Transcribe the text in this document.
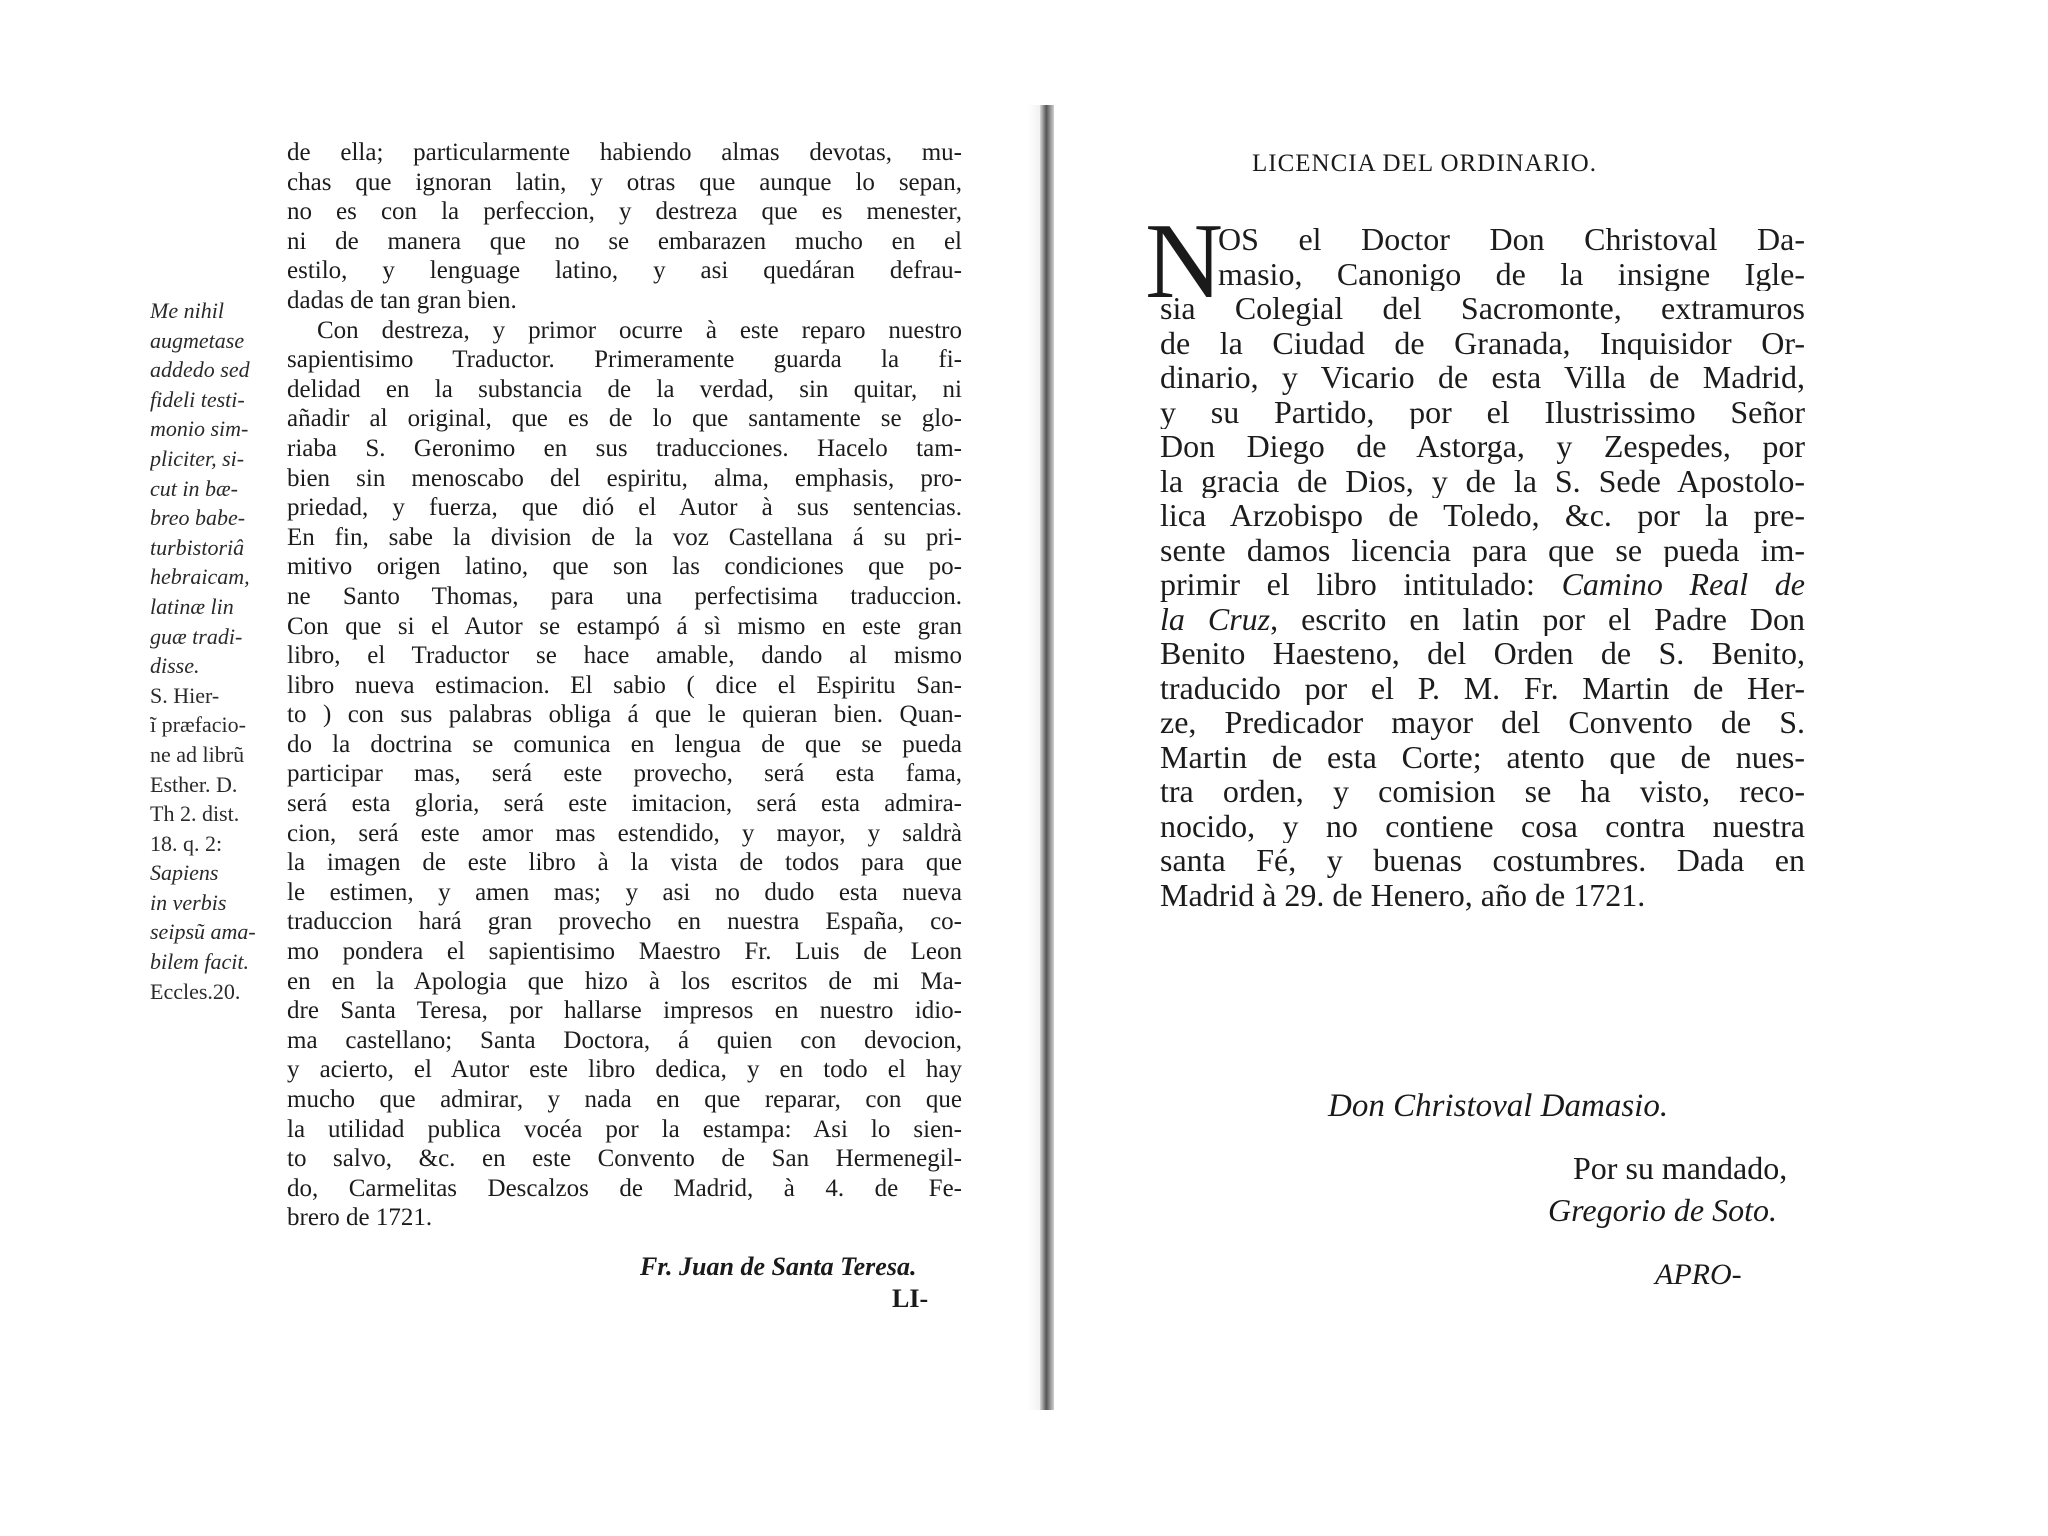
Me nihil
augmetase
addedo sed
fideli testi-
monio sim-
pliciter, si-
cut in bæ-
breo babe-
turbistoriâ
hebraicam,
latinæ lin
guæ tradi-
disse.
S. Hier-
ĩ præfacio-
ne ad librũ
Esther. D.
Th 2. dist.
18. q. 2:
Sapiens
in verbis
seipsũ ama-
bilem facit.
Eccles.20.
de ella; particularmente habiendo almas devotas, mu-
chas que ignoran latin, y otras que aunque lo sepan,
no es con la perfeccion, y destreza que es menester,
ni de manera que no se embarazen mucho en el
estilo, y lenguage latino, y asi quedáran defrau-
dadas de tan gran bien.
Con destreza, y primor ocurre à este reparo nuestro
sapientisimo Traductor. Primeramente guarda la fi-
delidad en la substancia de la verdad, sin quitar, ni
añadir al original, que es de lo que santamente se glo-
riaba S. Geronimo en sus traducciones. Hacelo tam-
bien sin menoscabo del espiritu, alma, emphasis, pro-
priedad, y fuerza, que dió el Autor à sus sentencias.
En fin, sabe la division de la voz Castellana á su pri-
mitivo origen latino, que son las condiciones que po-
ne Santo Thomas, para una perfectisima traduccion.
Con que si el Autor se estampó á sì mismo en este gran
libro, el Traductor se hace amable, dando al mismo
libro nueva estimacion. El sabio ( dice el Espiritu San-
to ) con sus palabras obliga á que le quieran bien. Quan-
do la doctrina se comunica en lengua de que se pueda
participar mas, será este provecho, será esta fama,
será esta gloria, será este imitacion, será esta admira-
cion, será este amor mas estendido, y mayor, y saldrà
la imagen de este libro à la vista de todos para que
le estimen, y amen mas; y asi no dudo esta nueva
traduccion hará gran provecho en nuestra España, co-
mo pondera el sapientisimo Maestro Fr. Luis de Leon
en en la Apologia que hizo à los escritos de mi Ma-
dre Santa Teresa, por hallarse impresos en nuestro idio-
ma castellano; Santa Doctora, á quien con devocion,
y acierto, el Autor este libro dedica, y en todo el hay
mucho que admirar, y nada en que reparar, con que
la utilidad publica vocéa por la estampa: Asi lo sien-
to salvo, &c. en este Convento de San Hermenegil-
do, Carmelitas Descalzos de Madrid, à 4. de Fe-
brero de 1721.
Fr. Juan de Santa Teresa.
LI-
LICENCIA DEL ORDINARIO.
N
OS el Doctor Don Christoval Da-
masio, Canonigo de la insigne Igle-
sia Colegial del Sacromonte, extramuros
de la Ciudad de Granada, Inquisidor Or-
dinario, y Vicario de esta Villa de Madrid,
y su Partido, por el Ilustrissimo Señor
Don Diego de Astorga, y Zespedes, por
la gracia de Dios, y de la S. Sede Apostolo-
lica Arzobispo de Toledo, &c. por la pre-
sente damos licencia para que se pueda im-
primir el libro intitulado: Camino Real de
la Cruz, escrito en latin por el Padre Don
Benito Haesteno, del Orden de S. Benito,
traducido por el P. M. Fr. Martin de Her-
ze, Predicador mayor del Convento de S.
Martin de esta Corte; atento que de nues-
tra orden, y comision se ha visto, reco-
nocido, y no contiene cosa contra nuestra
santa Fé, y buenas costumbres. Dada en
Madrid à 29. de Henero, año de 1721.
Don Christoval Damasio.
Por su mandado,
Gregorio de Soto.
APRO-
